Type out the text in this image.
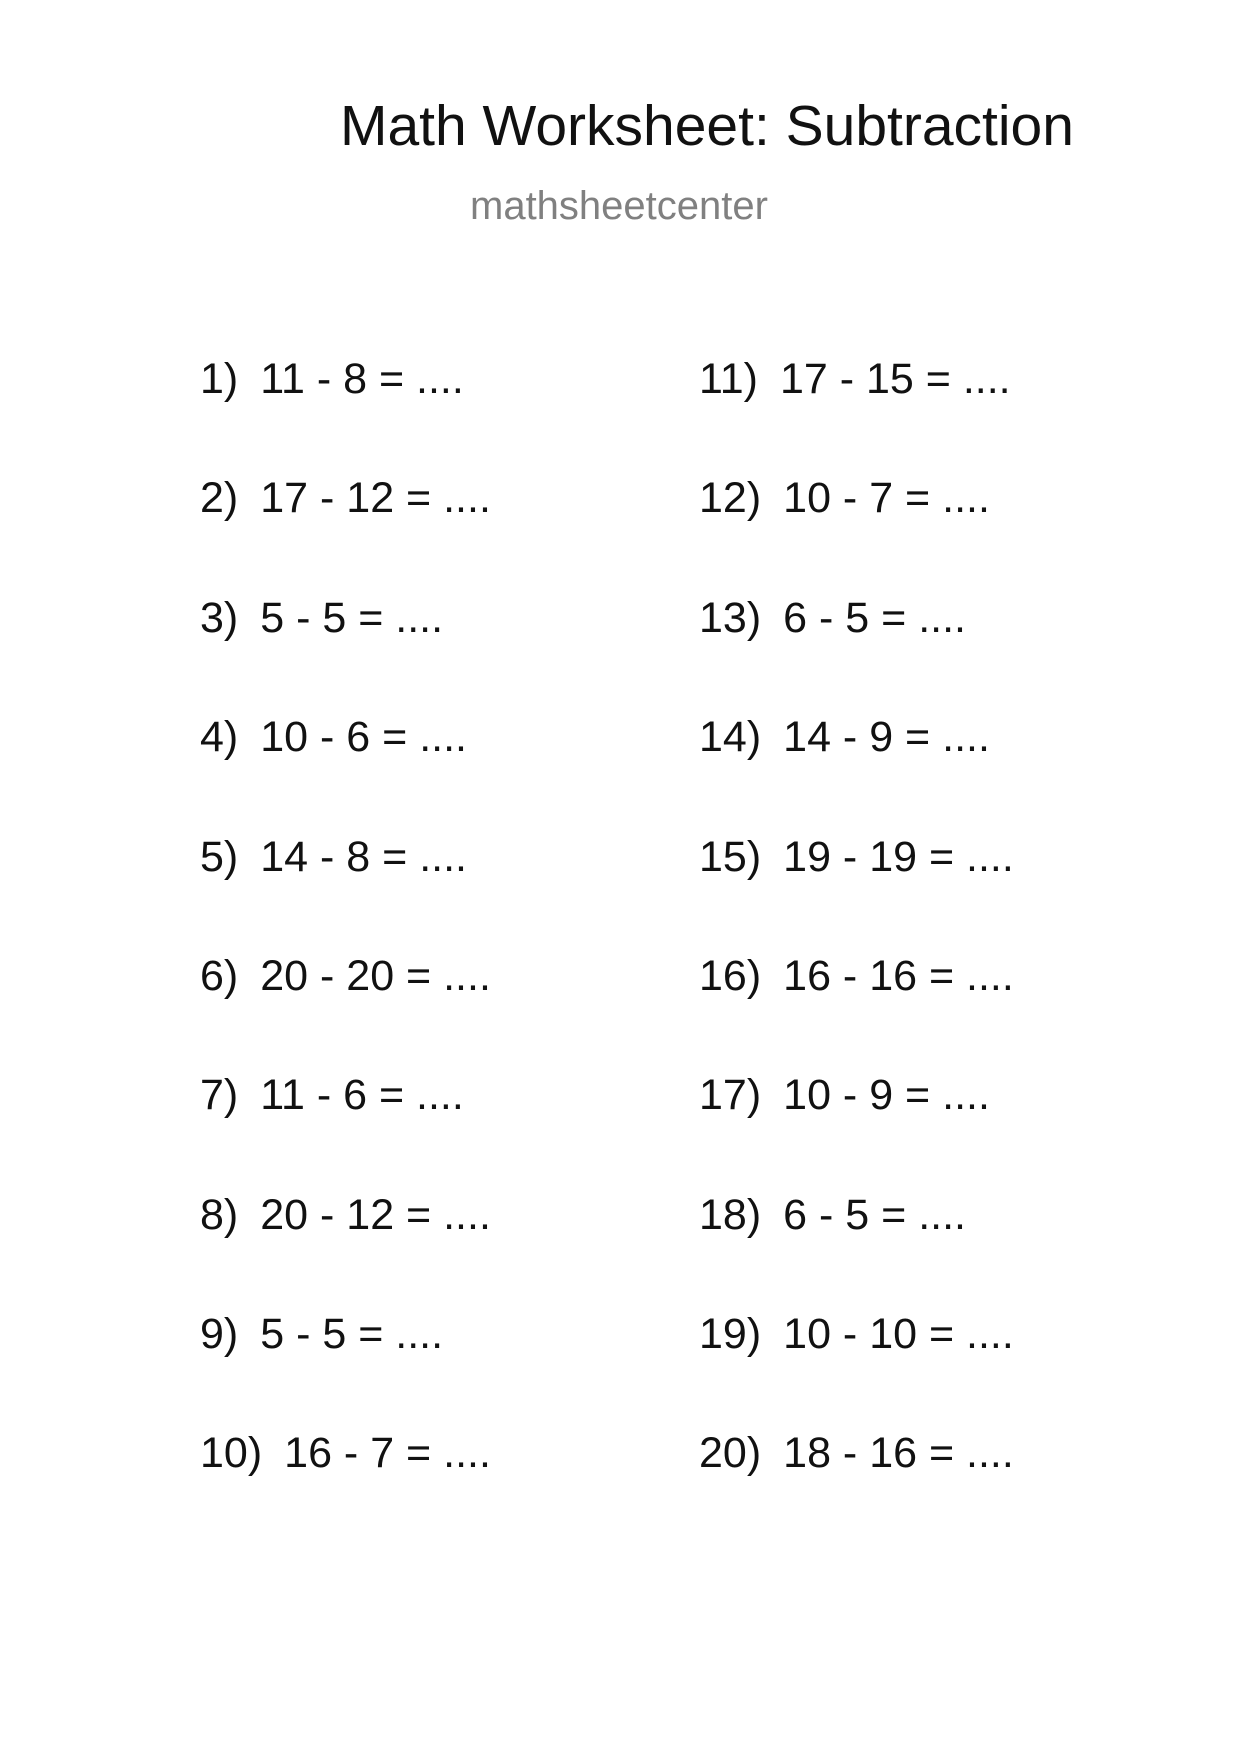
Math Worksheet: Subtraction
mathsheetcenter
1) 11 - 8 = ....
2) 17 - 12 = ....
3) 5 - 5 = ....
4) 10 - 6 = ....
5) 14 - 8 = ....
6) 20 - 20 = ....
7) 11 - 6 = ....
8) 20 - 12 = ....
9) 5 - 5 = ....
10) 16 - 7 = ....
11) 17 - 15 = ....
12) 10 - 7 = ....
13) 6 - 5 = ....
14) 14 - 9 = ....
15) 19 - 19 = ....
16) 16 - 16 = ....
17) 10 - 9 = ....
18) 6 - 5 = ....
19) 10 - 10 = ....
20) 18 - 16 = ....
